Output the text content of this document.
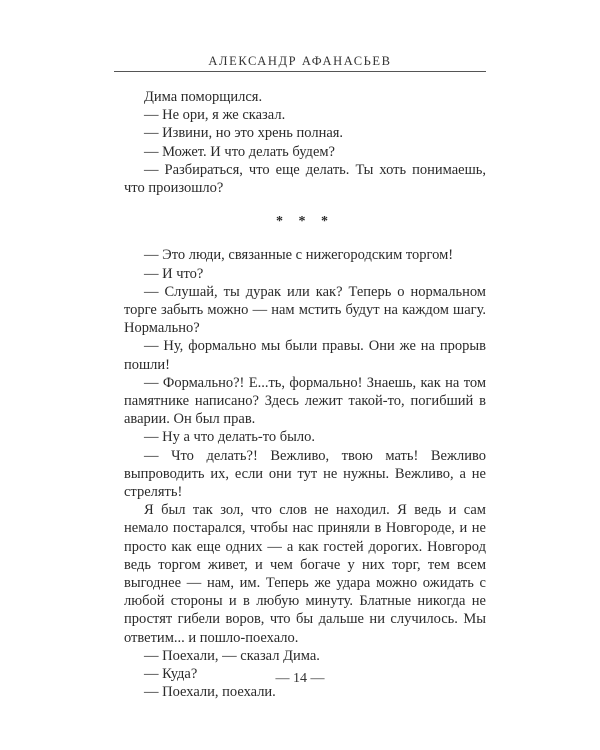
АЛЕКСАНДР АФАНАСЬЕВ

Дима поморщился.

— Не ори, я же сказал.

— Извини, но это хрень полная.

— Может. И что делать будем?

— Разбираться, что еще делать. Ты хоть понимаешь, что произошло?

* * *

— Это люди, связанные с нижегородским торгом!

— И что?

— Слушай, ты дурак или как? Теперь о нормальном торге забыть можно — нам мстить будут на каждом шагу. Нормально?

— Ну, формально мы были правы. Они же на прорыв пошли!

— Формально?! Е...ть, формально! Знаешь, как на том памятнике написано? Здесь лежит такой-то, погибший в аварии. Он был прав.

— Ну а что делать-то было.

— Что делать?! Вежливо, твою мать! Вежливо выпроводить их, если они тут не нужны. Вежливо, а не стрелять!

Я был так зол, что слов не находил. Я ведь и сам немало постарался, чтобы нас приняли в Новгороде, и не просто как еще одних — а как гостей дорогих. Новгород ведь торгом живет, и чем богаче у них торг, тем всем выгоднее — нам, им. Теперь же удара можно ожидать с любой стороны и в любую минуту. Блатные никогда не простят гибели воров, что бы дальше ни случилось. Мы ответим... и пошло-поехало.

— Поехали, — сказал Дима.

— Куда?

— Поехали, поехали.

— 14 —
